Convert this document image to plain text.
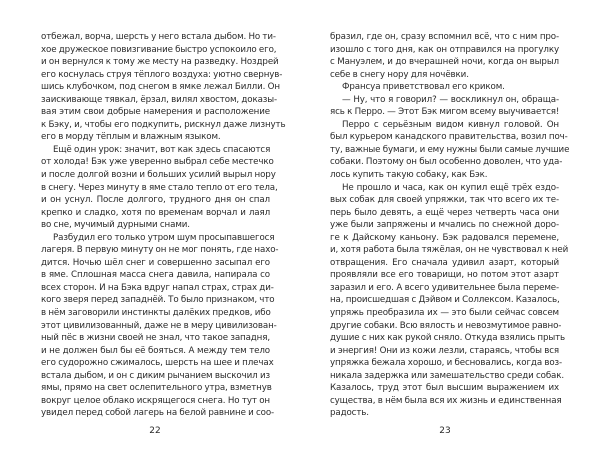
отбежал, ворча, шерсть у него встала дыбом. Но ти-
хое дружеское повизгивание быстро успокоило его,
и он вернулся к тому же месту на разведку. Ноздрей
его коснулась струя тёплого воздуха: уютно свернув-
шись клубочком, под снегом в ямке лежал Билли. Он
заискивающе тявкал, ёрзал, вилял хвостом, доказы-
вая этим свои добрые намерения и расположение
к Бэку, и, чтобы его подкупить, рискнул даже лизнуть
его в морду тёплым и влажным языком.
Ещё один урок: значит, вот как здесь спасаются
от холода! Бэк уже уверенно выбрал себе местечко
и после долгой возни и больших усилий вырыл нору
в снегу. Через минуту в яме стало тепло от его тела,
и он уснул. После долгого, трудного дня он спал
крепко и сладко, хотя по временам ворчал и лаял
во сне, мучимый дурными снами.
Разбудил его только утром шум просыпавшегося
лагеря. В первую минуту он не мог понять, где нахо-
дится. Ночью шёл снег и совершенно засыпал его
в яме. Сплошная масса снега давила, напирала со
всех сторон. И на Бэка вдруг напал страх, страх ди-
кого зверя перед западнёй. То было признаком, что
в нём заговорили инстинкты далёких предков, ибо
этот цивилизованный, даже не в меру цивилизован-
ный пёс в жизни своей не знал, что такое западня,
и не должен был бы её бояться. А между тем тело
его судорожно сжималось, шерсть на шее и плечах
встала дыбом, и он с диким рычанием выскочил из
ямы, прямо на свет ослепительного утра, взметнув
вокруг целое облако искрящегося снега. Но тут он
увидел перед собой лагерь на белой равнине и соо-
бразил, где он, сразу вспомнил всё, что с ним про-
изошло с того дня, как он отправился на прогулку
с Мануэлем, и до вчерашней ночи, когда он вырыл
себе в снегу нору для ночёвки.
Франсуа приветствовал его криком.
— Ну, что я говорил? — воскликнул он, обраща-
ясь к Перро. — Этот Бэк мигом всему выучивается!
Перро с серьёзным видом кивнул головой. Он
был курьером канадского правительства, возил поч-
ту, важные бумаги, и ему нужны были самые лучшие
собаки. Поэтому он был особенно доволен, что уда-
лось купить такую собаку, как Бэк.
Не прошло и часа, как он купил ещё трёх ездо-
вых собак для своей упряжки, так что всего их те-
перь было девять, а ещё через четверть часа они
уже были запряжены и мчались по снежной доро-
ге к Дайскому каньону. Бэк радовался перемене,
и, хотя работа была тяжёлая, он не чувствовал к ней
отвращения. Его сначала удивил азарт, который
проявляли все его товарищи, но потом этот азарт
заразил и его. А всего удивительнее была переме-
на, происшедшая с Дэйвом и Соллексом. Казалось,
упряжь преобразила их — это были сейчас совсем
другие собаки. Всю вялость и невозмутимое равно-
душие с них как рукой сняло. Откуда взялись прыть
и энергия! Они из кожи лезли, стараясь, чтобы вся
упряжка бежала хорошо, и бесновались, когда воз-
никала задержка или замешательство среди собак.
Казалось, труд этот был высшим выражением их
существа, в нём была вся их жизнь и единственная
радость.
22	23
